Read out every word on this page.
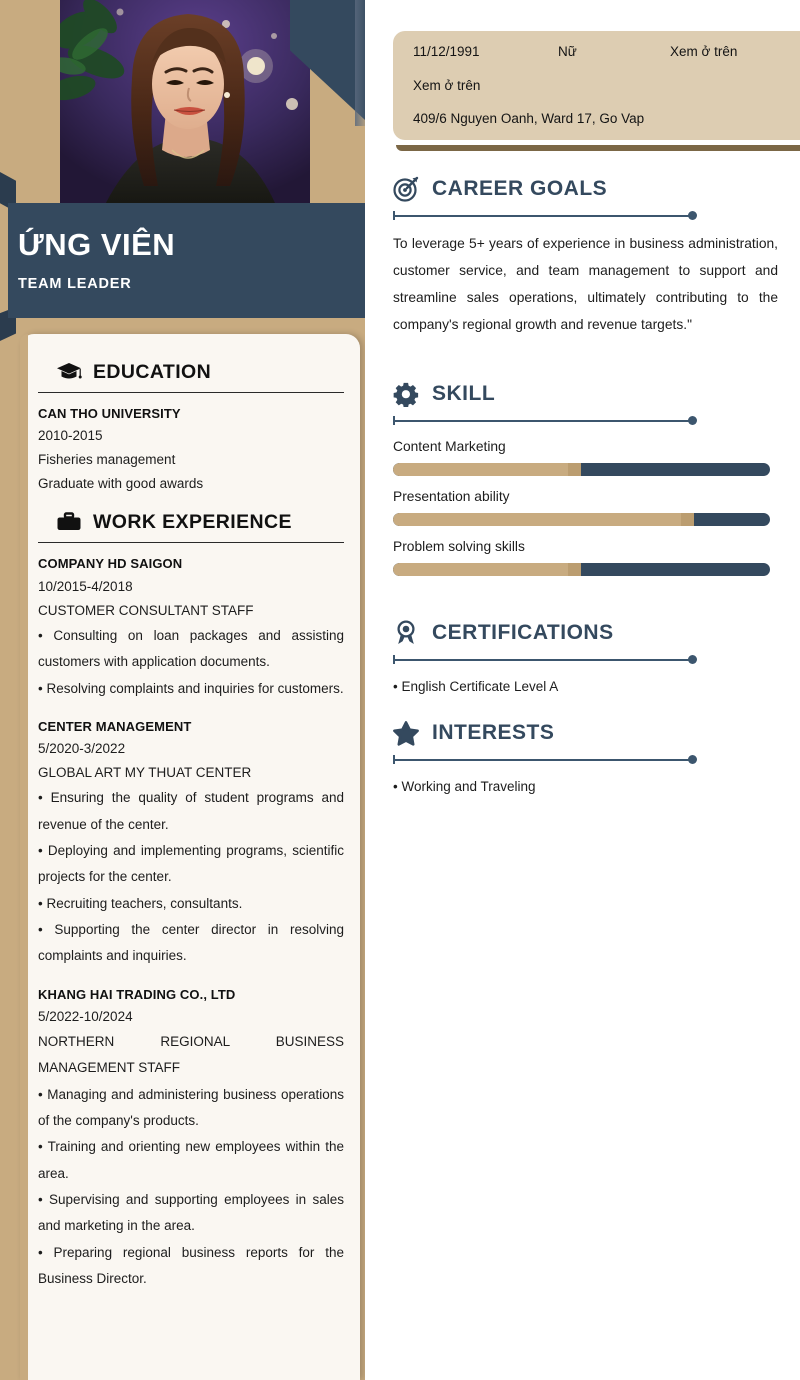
ỨNG VIÊN
TEAM LEADER
EDUCATION
CAN THO UNIVERSITY
2010-2015
Fisheries management
Graduate with good awards
WORK EXPERIENCE
COMPANY HD SAIGON
10/2015-4/2018
CUSTOMER CONSULTANT STAFF
• Consulting on loan packages and assisting customers with application documents.
• Resolving complaints and inquiries for customers.
CENTER MANAGEMENT
5/2020-3/2022
GLOBAL ART MY THUAT CENTER
• Ensuring the quality of student programs and revenue of the center.
• Deploying and implementing programs, scientific projects for the center.
• Recruiting teachers, consultants.
• Supporting the center director in resolving complaints and inquiries.
KHANG HAI TRADING CO., LTD
5/2022-10/2024
NORTHERN REGIONAL BUSINESS MANAGEMENT STAFF
• Managing and administering business operations of the company's products.
• Training and orienting new employees within the area.
• Supervising and supporting employees in sales and marketing in the area.
• Preparing regional business reports for the Business Director.
11/12/1991	Nữ	Xem ở trên
Xem ở trên
409/6 Nguyen Oanh, Ward 17, Go Vap
CAREER GOALS
To leverage 5+ years of experience in business administration, customer service, and team management to support and streamline sales operations, ultimately contributing to the company's regional growth and revenue targets."
SKILL
Content Marketing
Presentation ability
Problem solving skills
CERTIFICATIONS
• English Certificate Level A
INTERESTS
• Working and Traveling
